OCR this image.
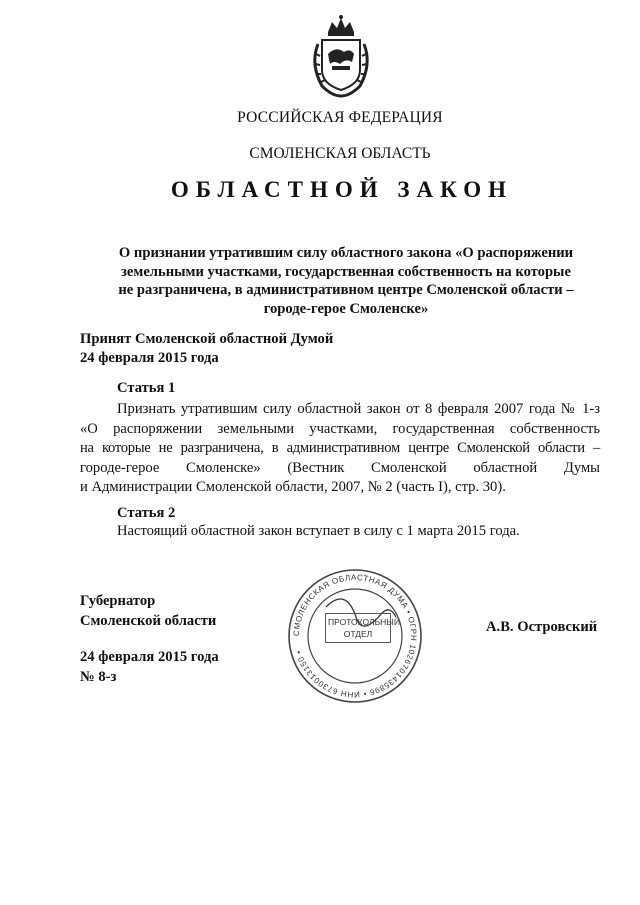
РОССИЙСКАЯ ФЕДЕРАЦИЯ
СМОЛЕНСКАЯ ОБЛАСТЬ
ОБЛАСТНОЙ ЗАКОН
О признании утратившим силу областного закона «О распоряжении
земельными участками, государственная собственность на которые
не разграничена, в административном центре Смоленской области –
городе-герое Смоленске»
Принят Смоленской областной Думой
24 февраля 2015 года
Статья 1
Признать утратившим силу областной закон от 8 февраля 2007 года № 1-з
«О распоряжении земельными участками, государственная собственность
на которые не разграничена, в административном центре Смоленской области –
городе-герое Смоленске» (Вестник Смоленской областной Думы
и Администрации Смоленской области, 2007, № 2 (часть I), стр. 30).
Статья 2
Настоящий областной закон вступает в силу с 1 марта 2015 года.
Губернатор
Смоленской области
24 февраля 2015 года
№ 8-з
А.В. Островский
СМОЛЕНСКАЯ ОБЛАСТНАЯ ДУМА • ОГРН 1026701435896 • ИНН 6730013150 •
ПРОТОКОЛЬНЫЙ
ОТДЕЛ
